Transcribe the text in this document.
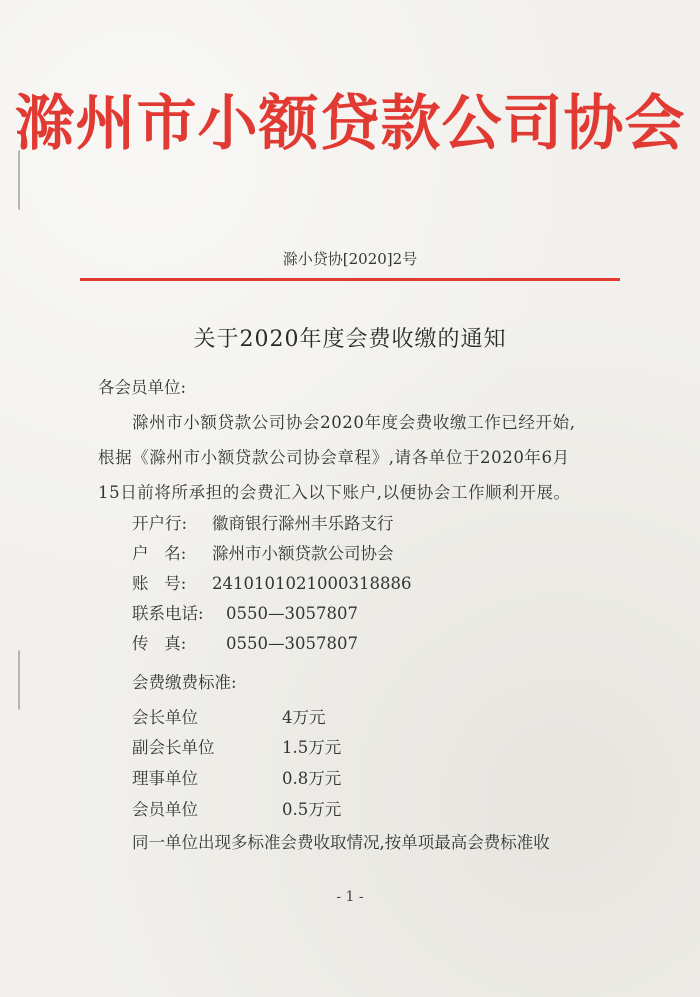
滁州市小额贷款公司协会
滁小贷协[2020]2号
关于2020年度会费收缴的通知
各会员单位:
滁州市小额贷款公司协会2020年度会费收缴工作已经开始,
根据《滁州市小额贷款公司协会章程》,请各单位于2020年6月
15日前将所承担的会费汇入以下账户,以便协会工作顺利开展。
开户行: 徽商银行滁州丰乐路支行
户   名: 滁州市小额贷款公司协会
账   号: 2410101021000318886
联系电话: 0550—3057807
传   真: 0550—3057807
会费缴费标准:
会长单位	4万元
副会长单位	1.5万元
理事单位	0.8万元
会员单位	0.5万元
同一单位出现多标准会费收取情况,按单项最高会费标准收
- 1 -
